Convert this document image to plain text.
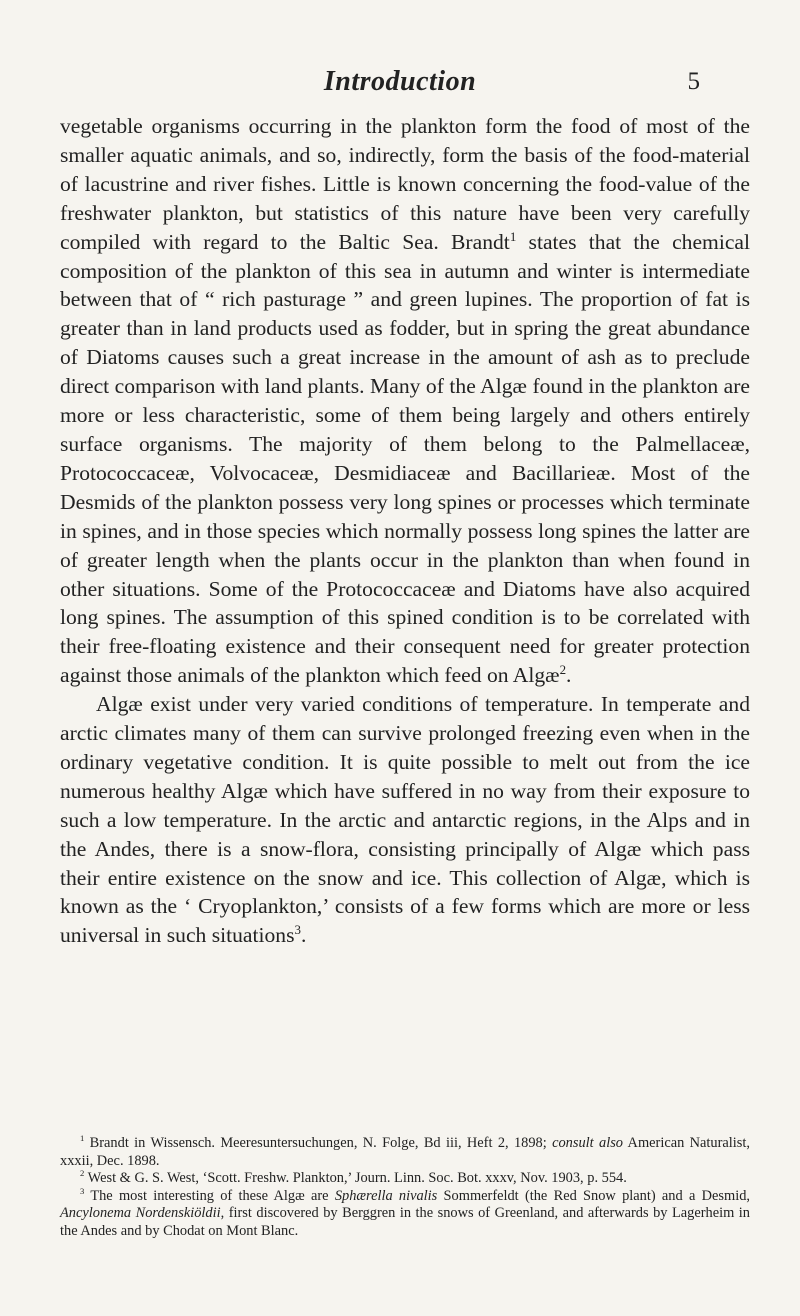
Introduction	5

vegetable organisms occurring in the plankton form the food of most of the smaller aquatic animals, and so, indirectly, form the basis of the food-material of lacustrine and river fishes. Little is known concerning the food-value of the freshwater plankton, but statistics of this nature have been very carefully compiled with regard to the Baltic Sea. Brandt$^1$ states that the chemical composition of the plankton of this sea in autumn and winter is intermediate between that of “ rich pasturage ” and green lupines. The proportion of fat is greater than in land products used as fodder, but in spring the great abundance of Diatoms causes such a great increase in the amount of ash as to preclude direct comparison with land plants. Many of the Algæ found in the plankton are more or less characteristic, some of them being largely and others entirely surface organisms. The majority of them belong to the Palmellaceæ, Protococcaceæ, Volvocaceæ, Desmidiaceæ and Bacillarieæ. Most of the Desmids of the plankton possess very long spines or processes which terminate in spines, and in those species which normally possess long spines the latter are of greater length when the plants occur in the plankton than when found in other situations. Some of the Protococcaceæ and Diatoms have also acquired long spines. The assumption of this spined condition is to be correlated with their free-floating existence and their consequent need for greater protection against those animals of the plankton which feed on Algæ$^2$.

Algæ exist under very varied conditions of temperature. In temperate and arctic climates many of them can survive prolonged freezing even when in the ordinary vegetative condition. It is quite possible to melt out from the ice numerous healthy Algæ which have suffered in no way from their exposure to such a low temperature. In the arctic and antarctic regions, in the Alps and in the Andes, there is a snow-flora, consisting principally of Algæ which pass their entire existence on the snow and ice. This collection of Algæ, which is known as the ‘ Cryoplankton,’ consists of a few forms which are more or less universal in such situations$^3$.

$^1$ Brandt in Wissensch. Meeresuntersuchungen, N. Folge, Bd iii, Heft 2, 1898; consult also American Naturalist, xxxii, Dec. 1898.

$^2$ West & G. S. West, ‘Scott. Freshw. Plankton,’ Journ. Linn. Soc. Bot. xxxv, Nov. 1903, p. 554.

$^3$ The most interesting of these Algæ are Sphærella nivalis Sommerfeldt (the Red Snow plant) and a Desmid, Ancylonema Nordenskiöldii, first discovered by Berggren in the snows of Greenland, and afterwards by Lagerheim in the Andes and by Chodat on Mont Blanc.
